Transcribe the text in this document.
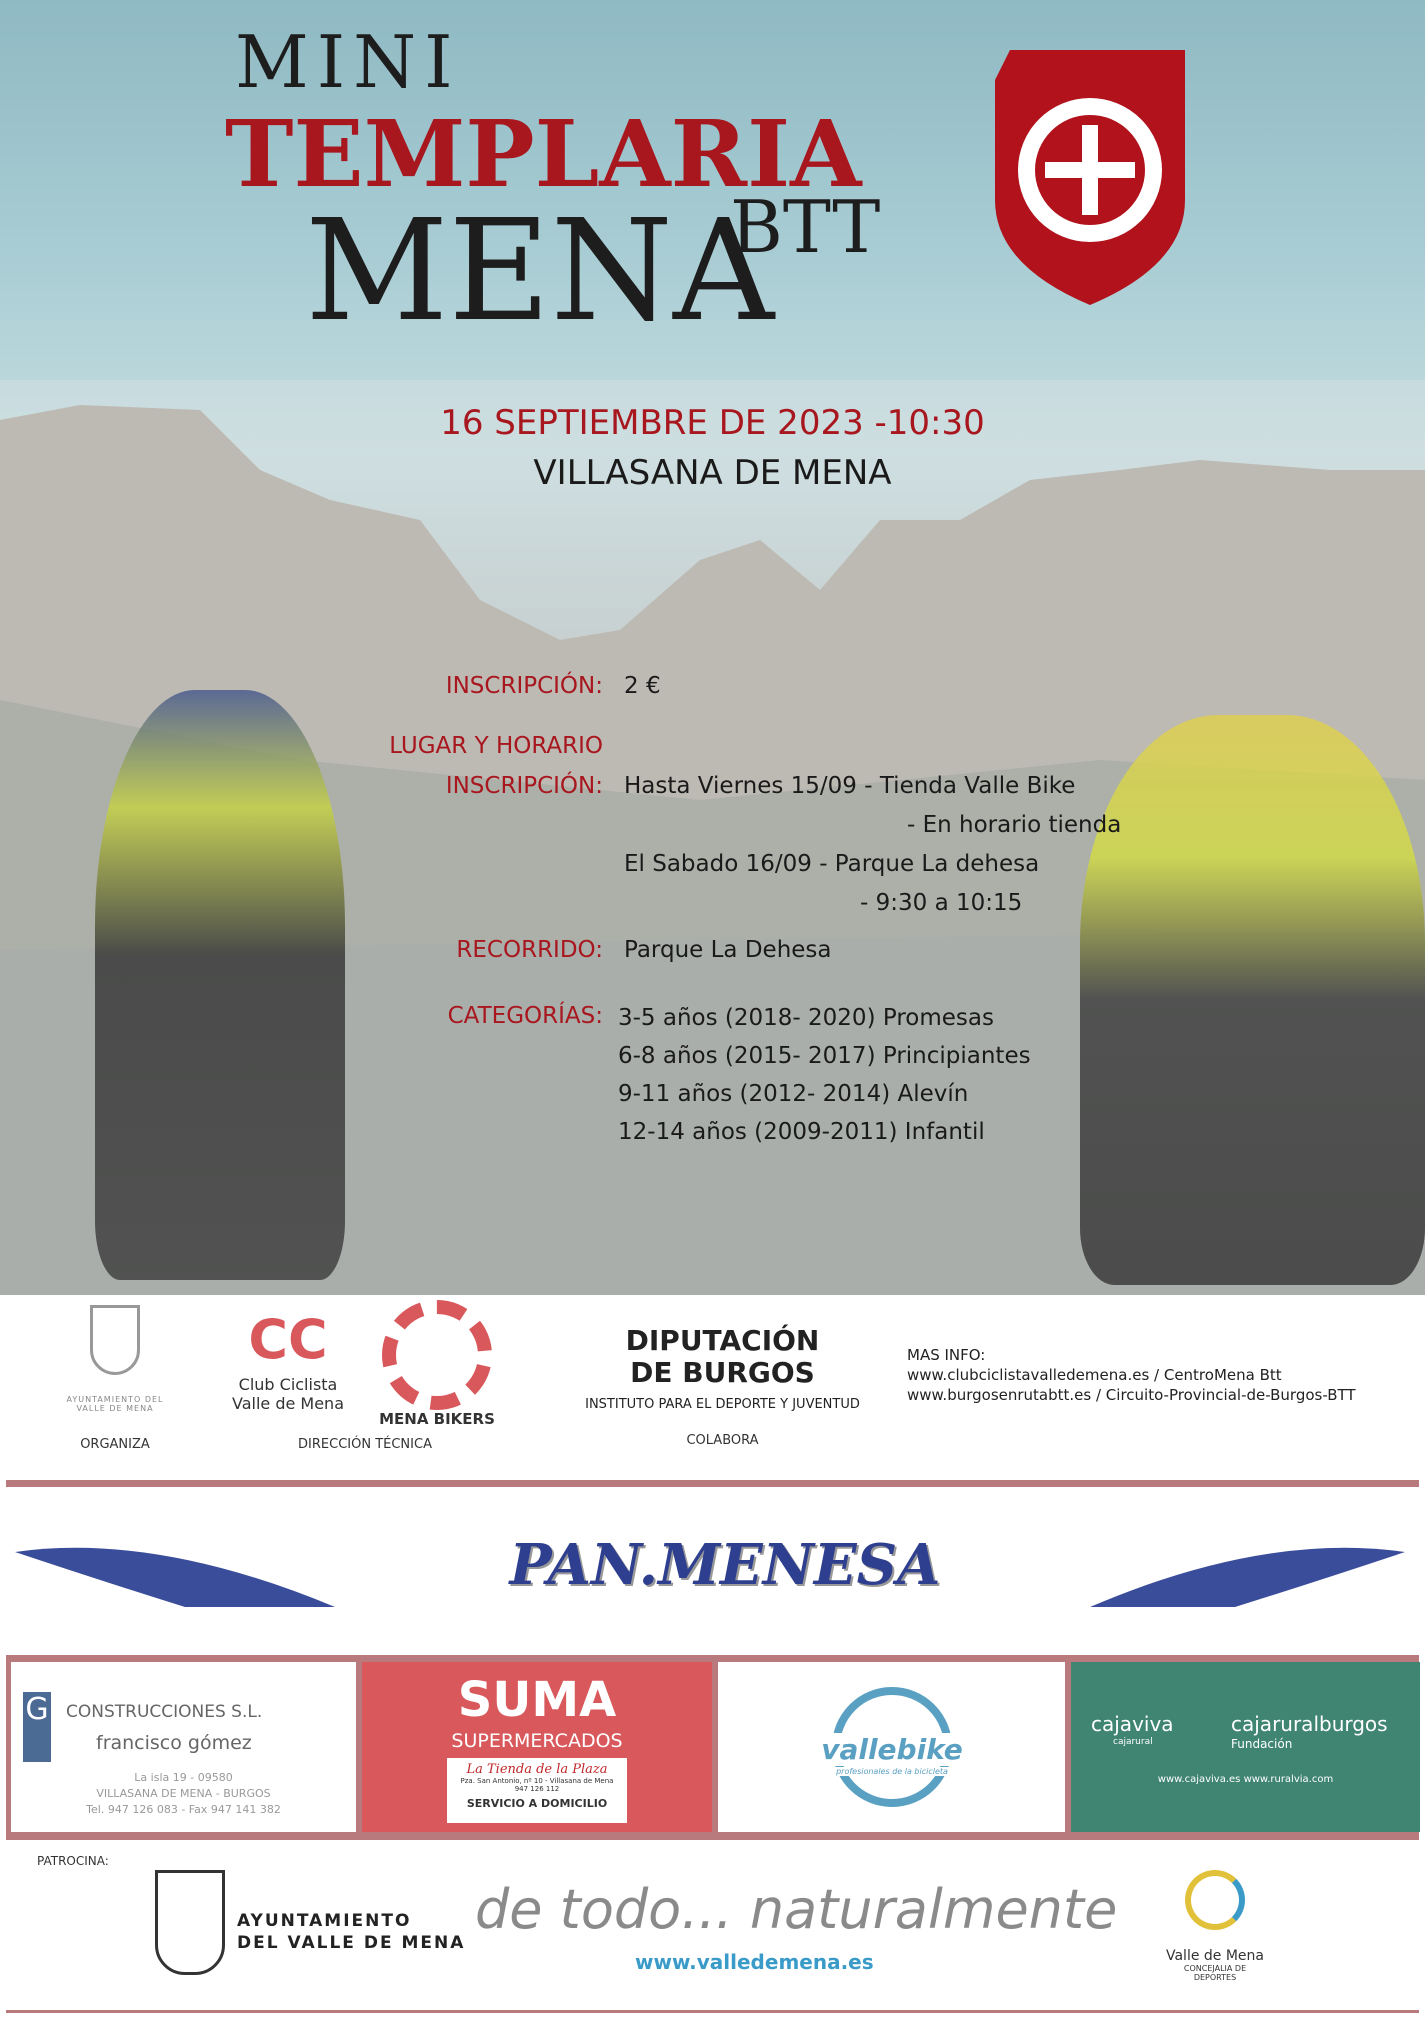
MINI
TEMPLARIA
MENA
BTT
16 SEPTIEMBRE DE 2023 -10:30
VILLASANA DE MENA
INSCRIPCIÓN: 2 €
LUGAR Y HORARIO
INSCRIPCIÓN: Hasta Viernes 15/09 - Tienda Valle Bike
- En horario tienda
El Sabado 16/09 - Parque La dehesa
- 9:30 a 10:15
RECORRIDO: Parque La Dehesa
CATEGORÍAS: 3-5 años (2018- 2020) Promesas
6-8 años (2015- 2017) Principiantes
9-11 años (2012- 2014) Alevín
12-14 años (2009-2011) Infantil
AYUNTAMIENTO DEL VALLE DE MENA
ORGANIZA
CC
Club Ciclista Valle de Mena
MENA BIKERS
DIRECCIÓN TÉCNICA
DIPUTACIÓN
DE BURGOS
INSTITUTO PARA EL DEPORTE Y JUVENTUD
COLABORA
MAS INFO:
www.clubciclistavalledemena.es / CentroMena Btt
www.burgosenrutabtt.es / Circuito-Provincial-de-Burgos-BTT
PAN.MENESA
G CONSTRUCCIONES S.L.
francisco gómez
La isla 19 - 09580
VILLASANA DE MENA - BURGOS
Tel. 947 126 083 - Fax 947 141 382
SUMA
SUPERMERCADOS
La Tienda de la Plaza
Pza. San Antonio, nº 10 - Villasana de Mena
947 126 112
SERVICIO A DOMICILIO
vallebike
profesionales de la bicicleta
cajaviva
cajarural
cajaruralburgos
Fundación
www.cajaviva.es www.ruralvia.com
PATROCINA:
AYUNTAMIENTO
DEL VALLE DE MENA
de todo... naturalmente
www.valledemena.es	Valle de Mena
CONCEJALIA DE DEPORTES
